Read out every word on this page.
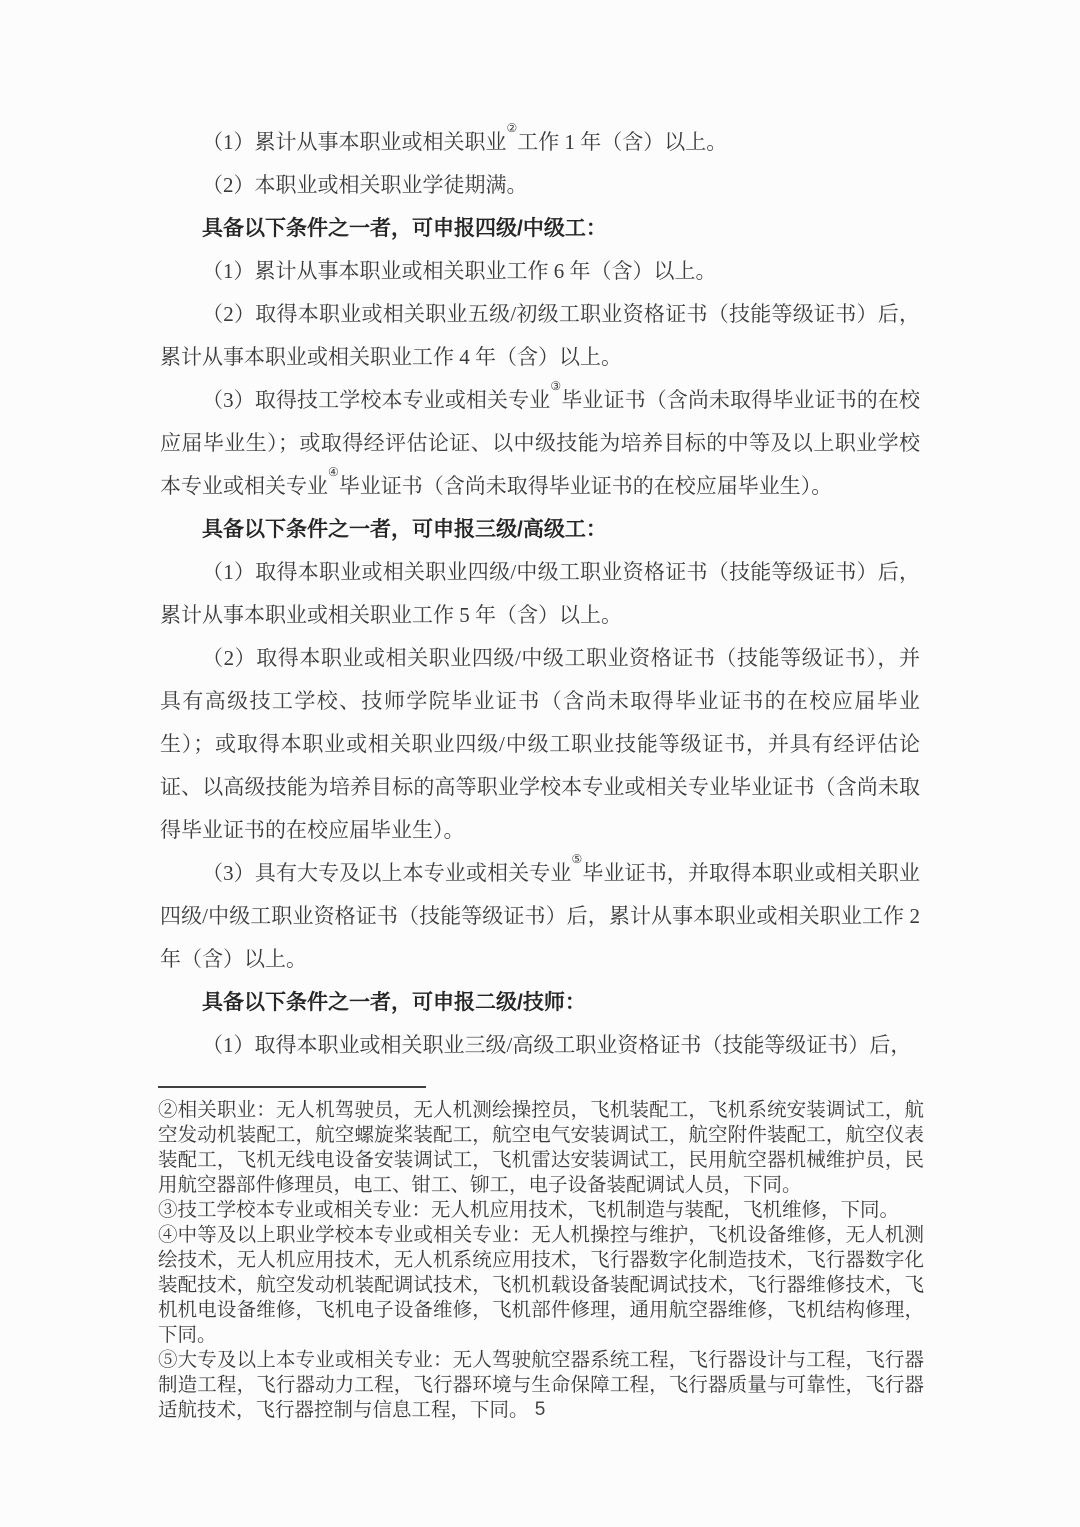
（1）累计从事本职业或相关职业②工作 1 年（含）以上。

（2）本职业或相关职业学徒期满。

具备以下条件之一者，可申报四级/中级工：

（1）累计从事本职业或相关职业工作 6 年（含）以上。

（2）取得本职业或相关职业五级/初级工职业资格证书（技能等级证书）后，累计从事本职业或相关职业工作 4 年（含）以上。

（3）取得技工学校本专业或相关专业③毕业证书（含尚未取得毕业证书的在校应届毕业生）；或取得经评估论证、以中级技能为培养目标的中等及以上职业学校本专业或相关专业④毕业证书（含尚未取得毕业证书的在校应届毕业生）。

具备以下条件之一者，可申报三级/高级工：

（1）取得本职业或相关职业四级/中级工职业资格证书（技能等级证书）后，累计从事本职业或相关职业工作 5 年（含）以上。

（2）取得本职业或相关职业四级/中级工职业资格证书（技能等级证书），并具有高级技工学校、技师学院毕业证书（含尚未取得毕业证书的在校应届毕业生）；或取得本职业或相关职业四级/中级工职业技能等级证书，并具有经评估论证、以高级技能为培养目标的高等职业学校本专业或相关专业毕业证书（含尚未取得毕业证书的在校应届毕业生）。

（3）具有大专及以上本专业或相关专业⑤毕业证书，并取得本职业或相关职业四级/中级工职业资格证书（技能等级证书）后，累计从事本职业或相关职业工作 2 年（含）以上。

具备以下条件之一者，可申报二级/技师：

（1）取得本职业或相关职业三级/高级工职业资格证书（技能等级证书）后，

②相关职业：无人机驾驶员，无人机测绘操控员，飞机装配工，飞机系统安装调试工，航空发动机装配工，航空螺旋桨装配工，航空电气安装调试工，航空附件装配工，航空仪表装配工，飞机无线电设备安装调试工，飞机雷达安装调试工，民用航空器机械维护员，民用航空器部件修理员，电工、钳工、铆工，电子设备装配调试人员，下同。

③技工学校本专业或相关专业：无人机应用技术，飞机制造与装配，飞机维修，下同。

④中等及以上职业学校本专业或相关专业：无人机操控与维护，飞机设备维修，无人机测绘技术，无人机应用技术，无人机系统应用技术，飞行器数字化制造技术，飞行器数字化装配技术，航空发动机装配调试技术，飞机机载设备装配调试技术，飞行器维修技术，飞机机电设备维修，飞机电子设备维修，飞机部件修理，通用航空器维修，飞机结构修理，下同。

⑤大专及以上本专业或相关专业：无人驾驶航空器系统工程，飞行器设计与工程，飞行器制造工程，飞行器动力工程，飞行器环境与生命保障工程，飞行器质量与可靠性，飞行器适航技术，飞行器控制与信息工程，下同。 5
